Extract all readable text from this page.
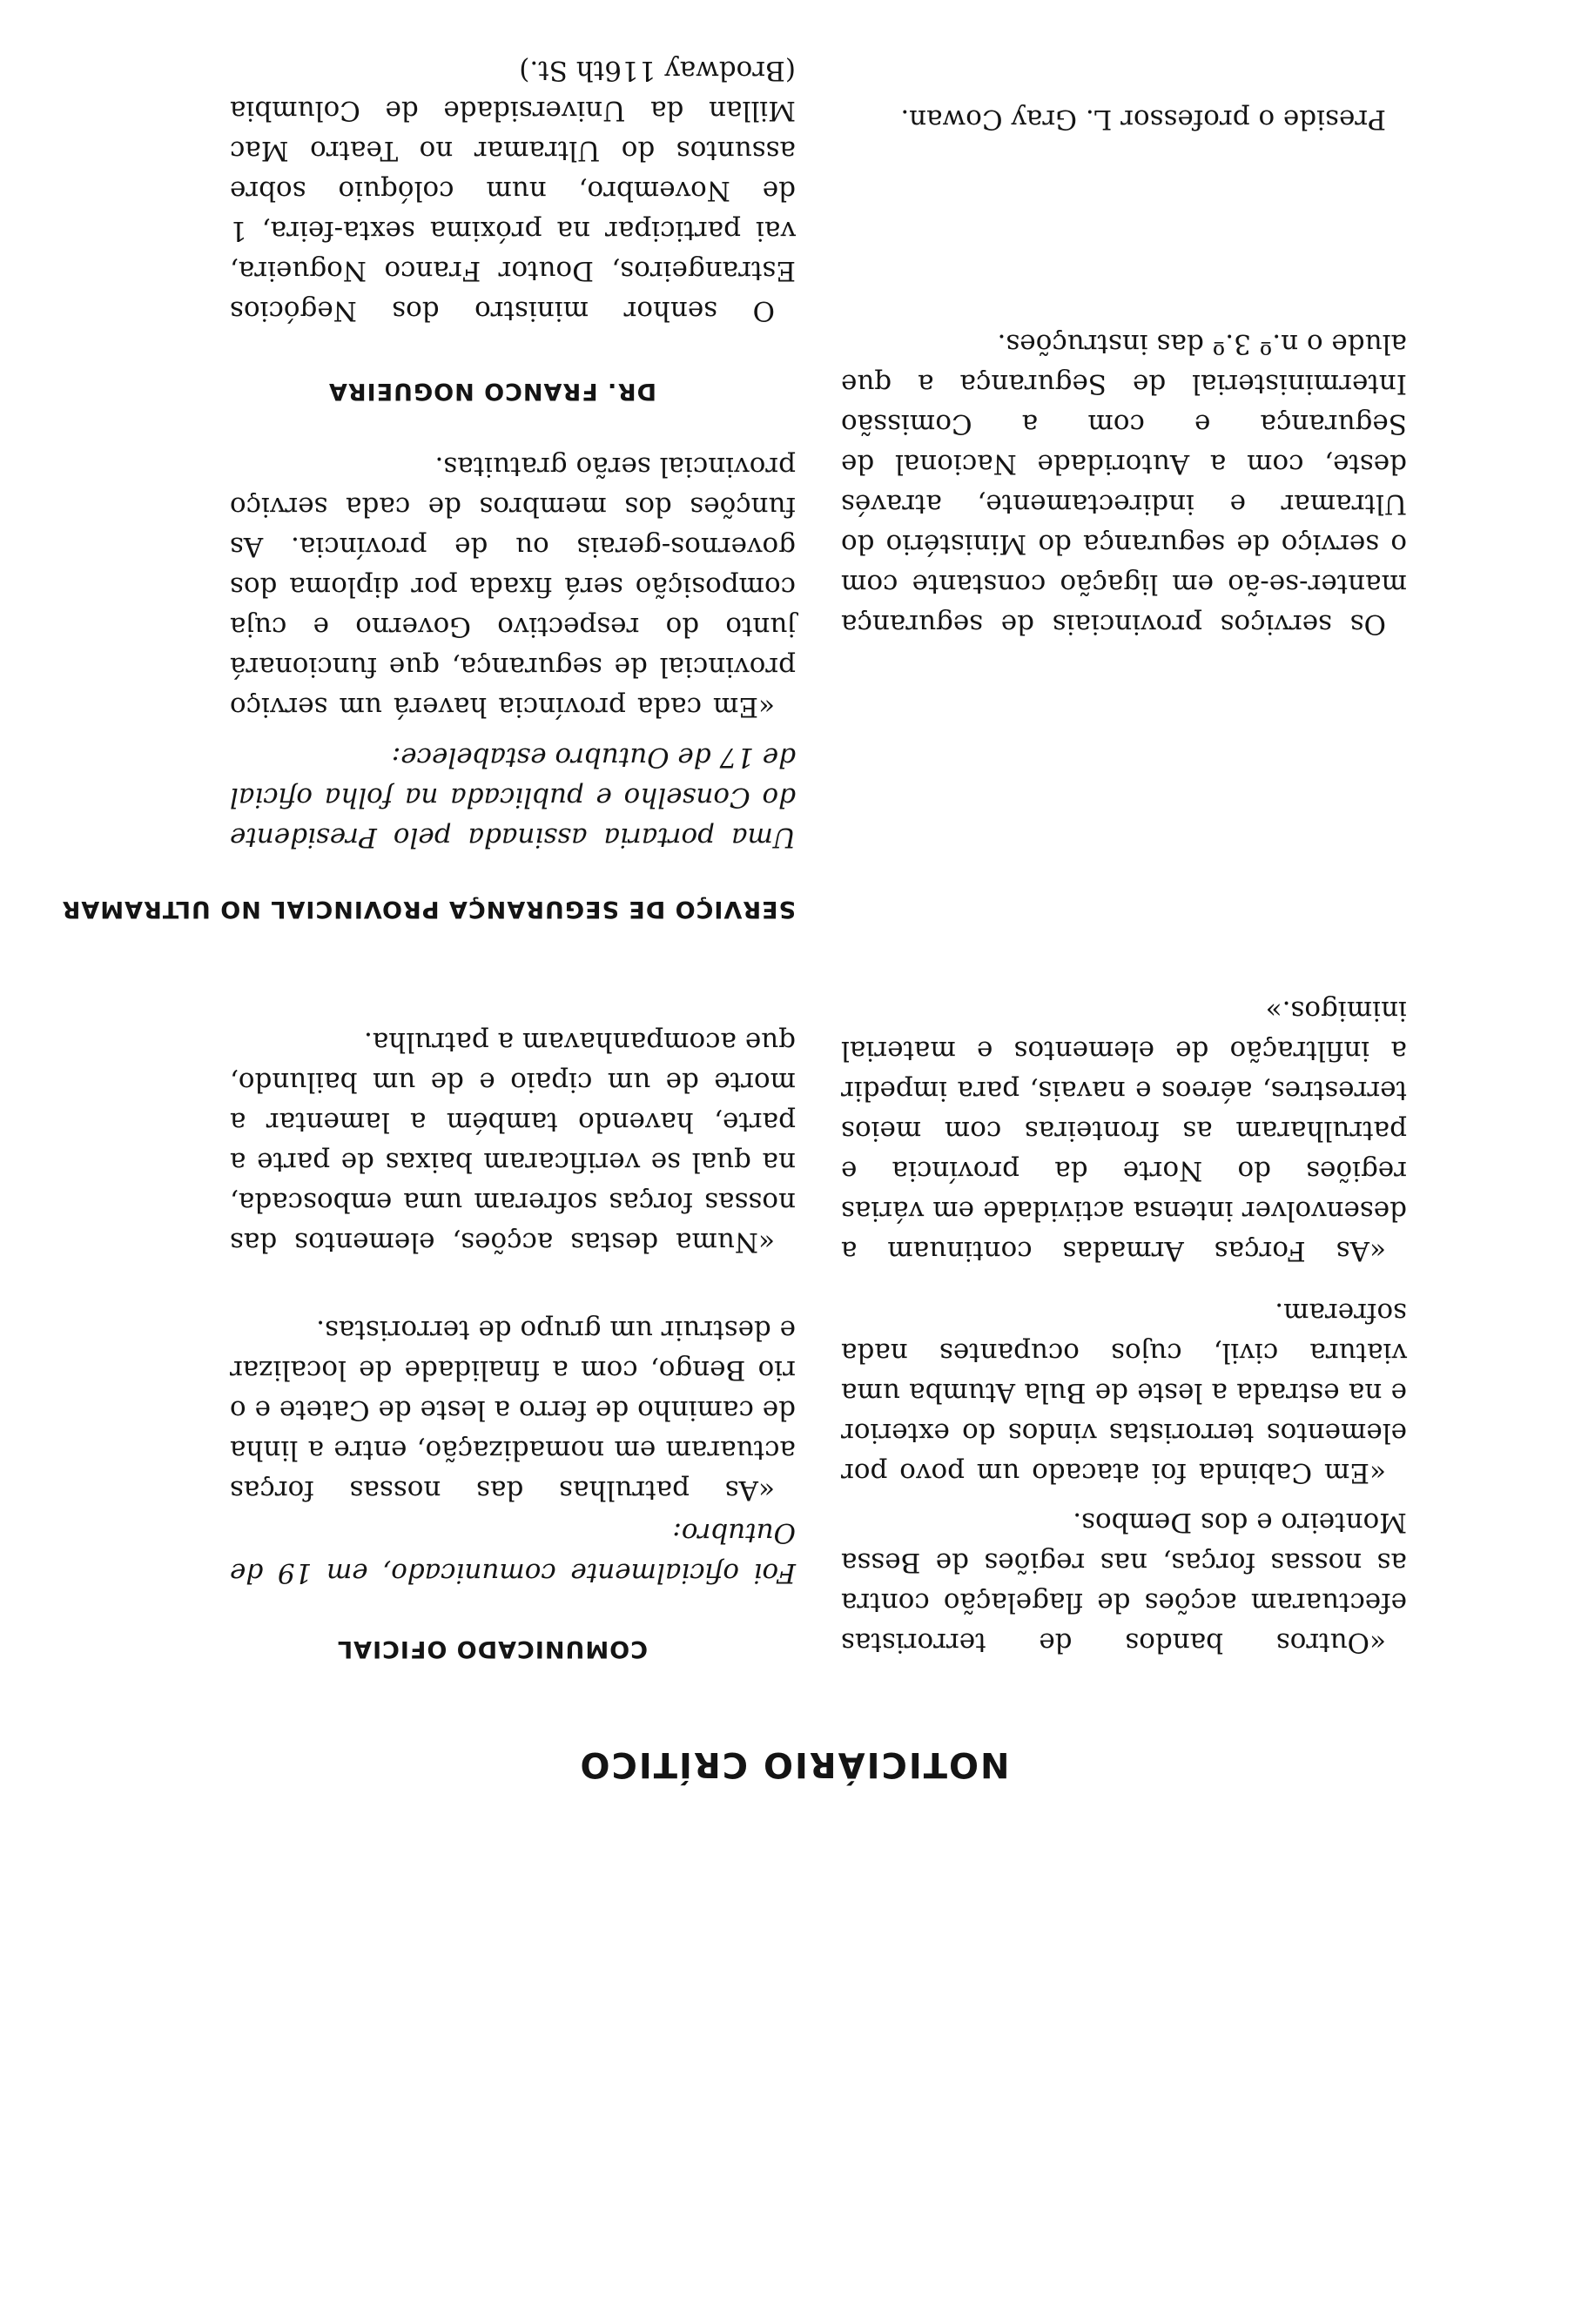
NOTICIÁRIO CRÍTICO
COMUNICADO OFICIAL

Foi oficialmente comunicado, em 19 de Outubro:

«As patrulhas das nossas forças actuaram em nomadização, entre a linha de caminho de ferro a leste de Catete e o rio Bengo, com a finalidade de localizar e destruir um grupo de terroristas.

«Numa destas acções, elementos das nossas forças sofreram uma emboscada, na qual se verificaram baixas de parte a parte, havendo também a lamentar a morte de um cipaio e de um bailundo, que acompanhavam a patrulha.

Uma portaria assinada pelo Presidente do Conselho e publicada na folha oficial de 17 de Outubro estabelece:

«Em cada província haverá um serviço provincial de segurança, que funcionará junto do respectivo Governo e cuja composição será fixada por diploma dos governos-gerais ou de província. As funções dos membros de cada serviço provincial serão gratuitas.

DR. FRANCO NOGUEIRA

O senhor ministro dos Negócios Estrangeiros, Doutor Franco Nogueira, vai participar na próxima sexta-feira, 1 de Novembro, num colóquio sobre assuntos do Ultramar no Teatro Mac Millan da Universidade de Columbia (Brodway 116th St.)

SERVIÇO DE SEGURANÇA PROVINCIAL NO ULTRAMAR

«Outros bandos de terroristas efectuaram acções de flagelação contra as nossas forças, nas regiões de Bessa Monteiro e dos Dembos.

«Em Cabinda foi atacado um povo por elementos terroristas vindos do exterior e na estrada a leste de Bula Atumba uma viatura civil, cujos ocupantes nada sofreram.

«As Forças Armadas continuam a desenvolver intensa actividade em várias regiões do Norte da província e patrulharam as fronteiras com meios terrestres, aéreos e navais, para impedir a infiltração de elementos e material inimigos.»

Os serviços provinciais de segurança manter-se-ão em ligação constante com o serviço de segurança do Ministério do Ultramar e indirectamente, através deste, com a Autoridade Nacional de Segurança e com a Comissão Interministerial de Segurança a que alude o n.º 3.º das instruções.

Preside o professor L. Gray Cowan.
